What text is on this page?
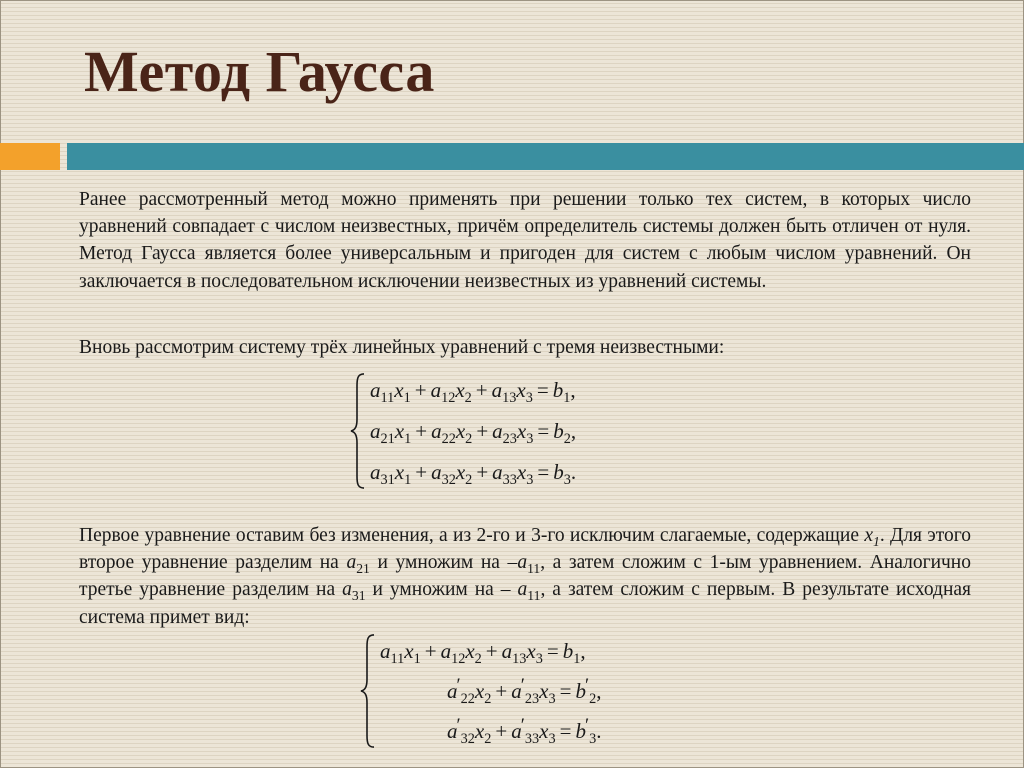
Метод Гаусса

Ранее рассмотренный метод можно применять при решении только тех систем, в которых число уравнений совпадает с числом неизвестных, причём определитель системы должен быть отличен от нуля. Метод Гаусса является более универсальным и пригоден для систем с любым числом уравнений. Он заключается в последовательном исключении неизвестных из уравнений системы.

Вновь рассмотрим систему трёх линейных уравнений с тремя неизвестными:

Первое уравнение оставим без изменения, а из 2-го и 3-го исключим слагаемые, содержащие $x_1$. Для этого второе уравнение разделим на $a_{21}$ и умножим на $-a_{11}$, а затем сложим с 1-ым уравнением. Аналогично третье уравнение разделим на $a_{31}$ и умножим на – $a_{11}$, а затем сложим с первым. В результате исходная система примет вид:

$a_{11}x_1 + a_{12}x_2 + a_{13}x_3 = b_1$,
$a_{21}x_1 + a_{22}x_2 + a_{23}x_3 = b_2$,
$a_{31}x_1 + a_{32}x_2 + a_{33}x_3 = b_3$.
$a_{11}x_1 + a_{12}x_2 + a_{13}x_3 = b_1$,
$a'_{22}x_2 + a'_{23}x_3 = b'_2$,
$a'_{32}x_2 + a'_{33}x_3 = b'_3$.
